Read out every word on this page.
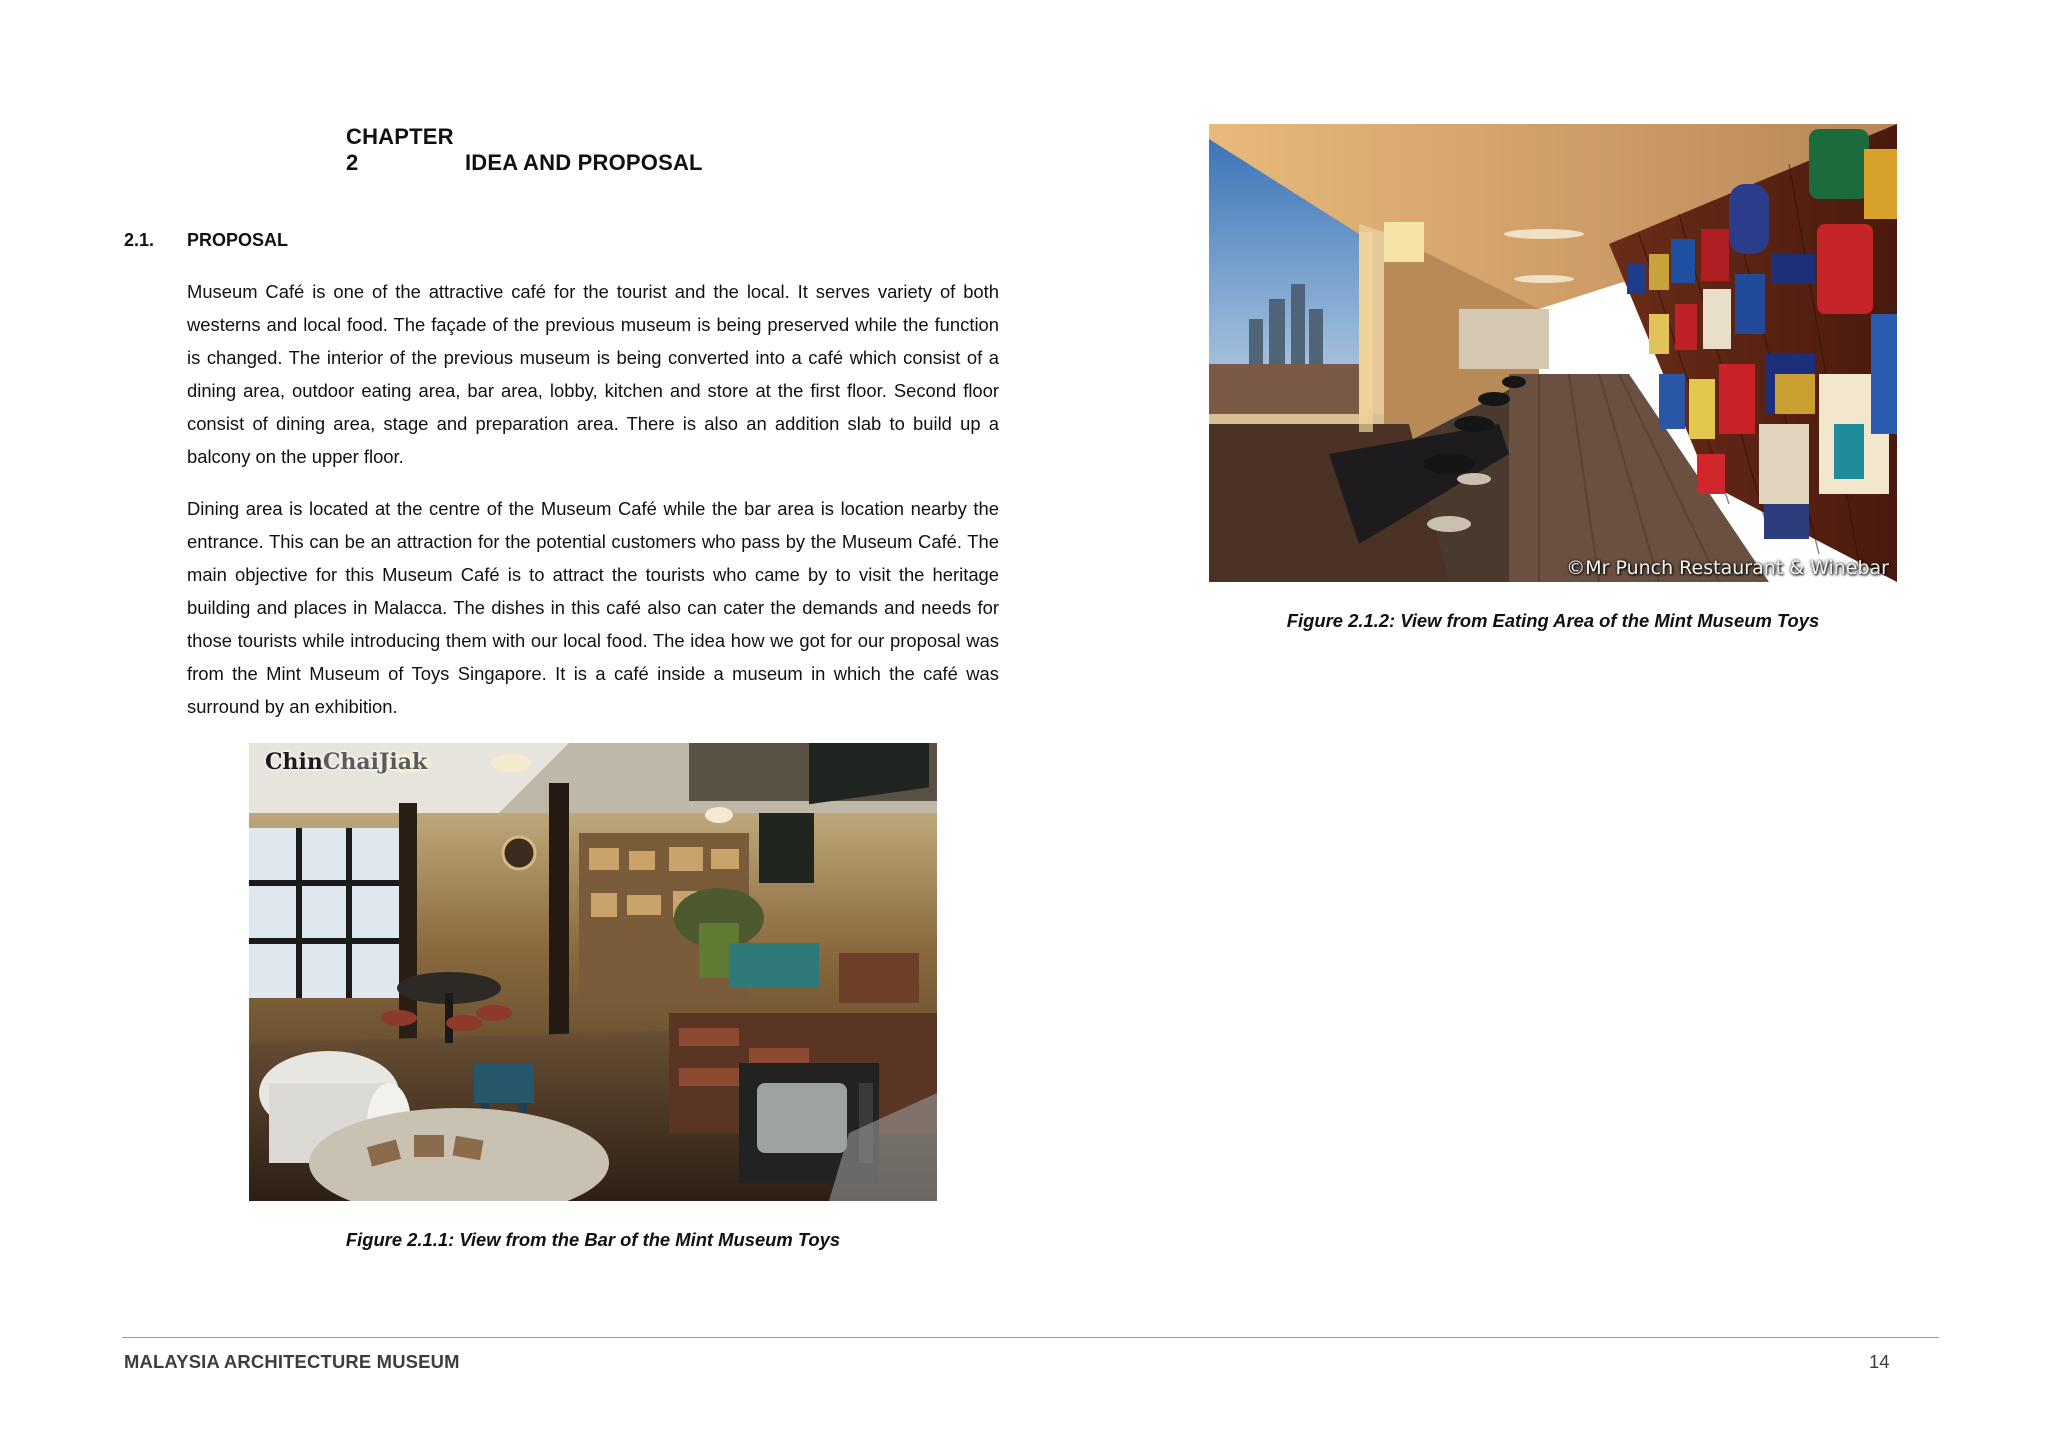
CHAPTER 2	IDEA AND PROPOSAL
2.1. PROPOSAL

Museum Café is one of the attractive café for the tourist and the local. It serves variety of both westerns and local food. The façade of the previous museum is being preserved while the function is changed. The interior of the previous museum is being converted into a café which consist of a dining area, outdoor eating area, bar area, lobby, kitchen and store at the first floor. Second floor consist of dining area, stage and preparation area. There is also an addition slab to build up a balcony on the upper floor.

Dining area is located at the centre of the Museum Café while the bar area is location nearby the entrance. This can be an attraction for the potential customers who pass by the Museum Café. The main objective for this Museum Café is to attract the tourists who came by to visit the heritage building and places in Malacca. The dishes in this café also can cater the demands and needs for those tourists while introducing them with our local food. The idea how we got for our proposal was from the Mint Museum of Toys Singapore. It is a café inside a museum in which the café was surround by an exhibition.

ChinChaiJiak
Figure 2.1.1: View from the Bar of the Mint Museum Toys
©Mr Punch Restaurant & Winebar
Figure 2.1.2: View from Eating Area of the Mint Museum Toys
MALAYSIA ARCHITECTURE MUSEUM	14
